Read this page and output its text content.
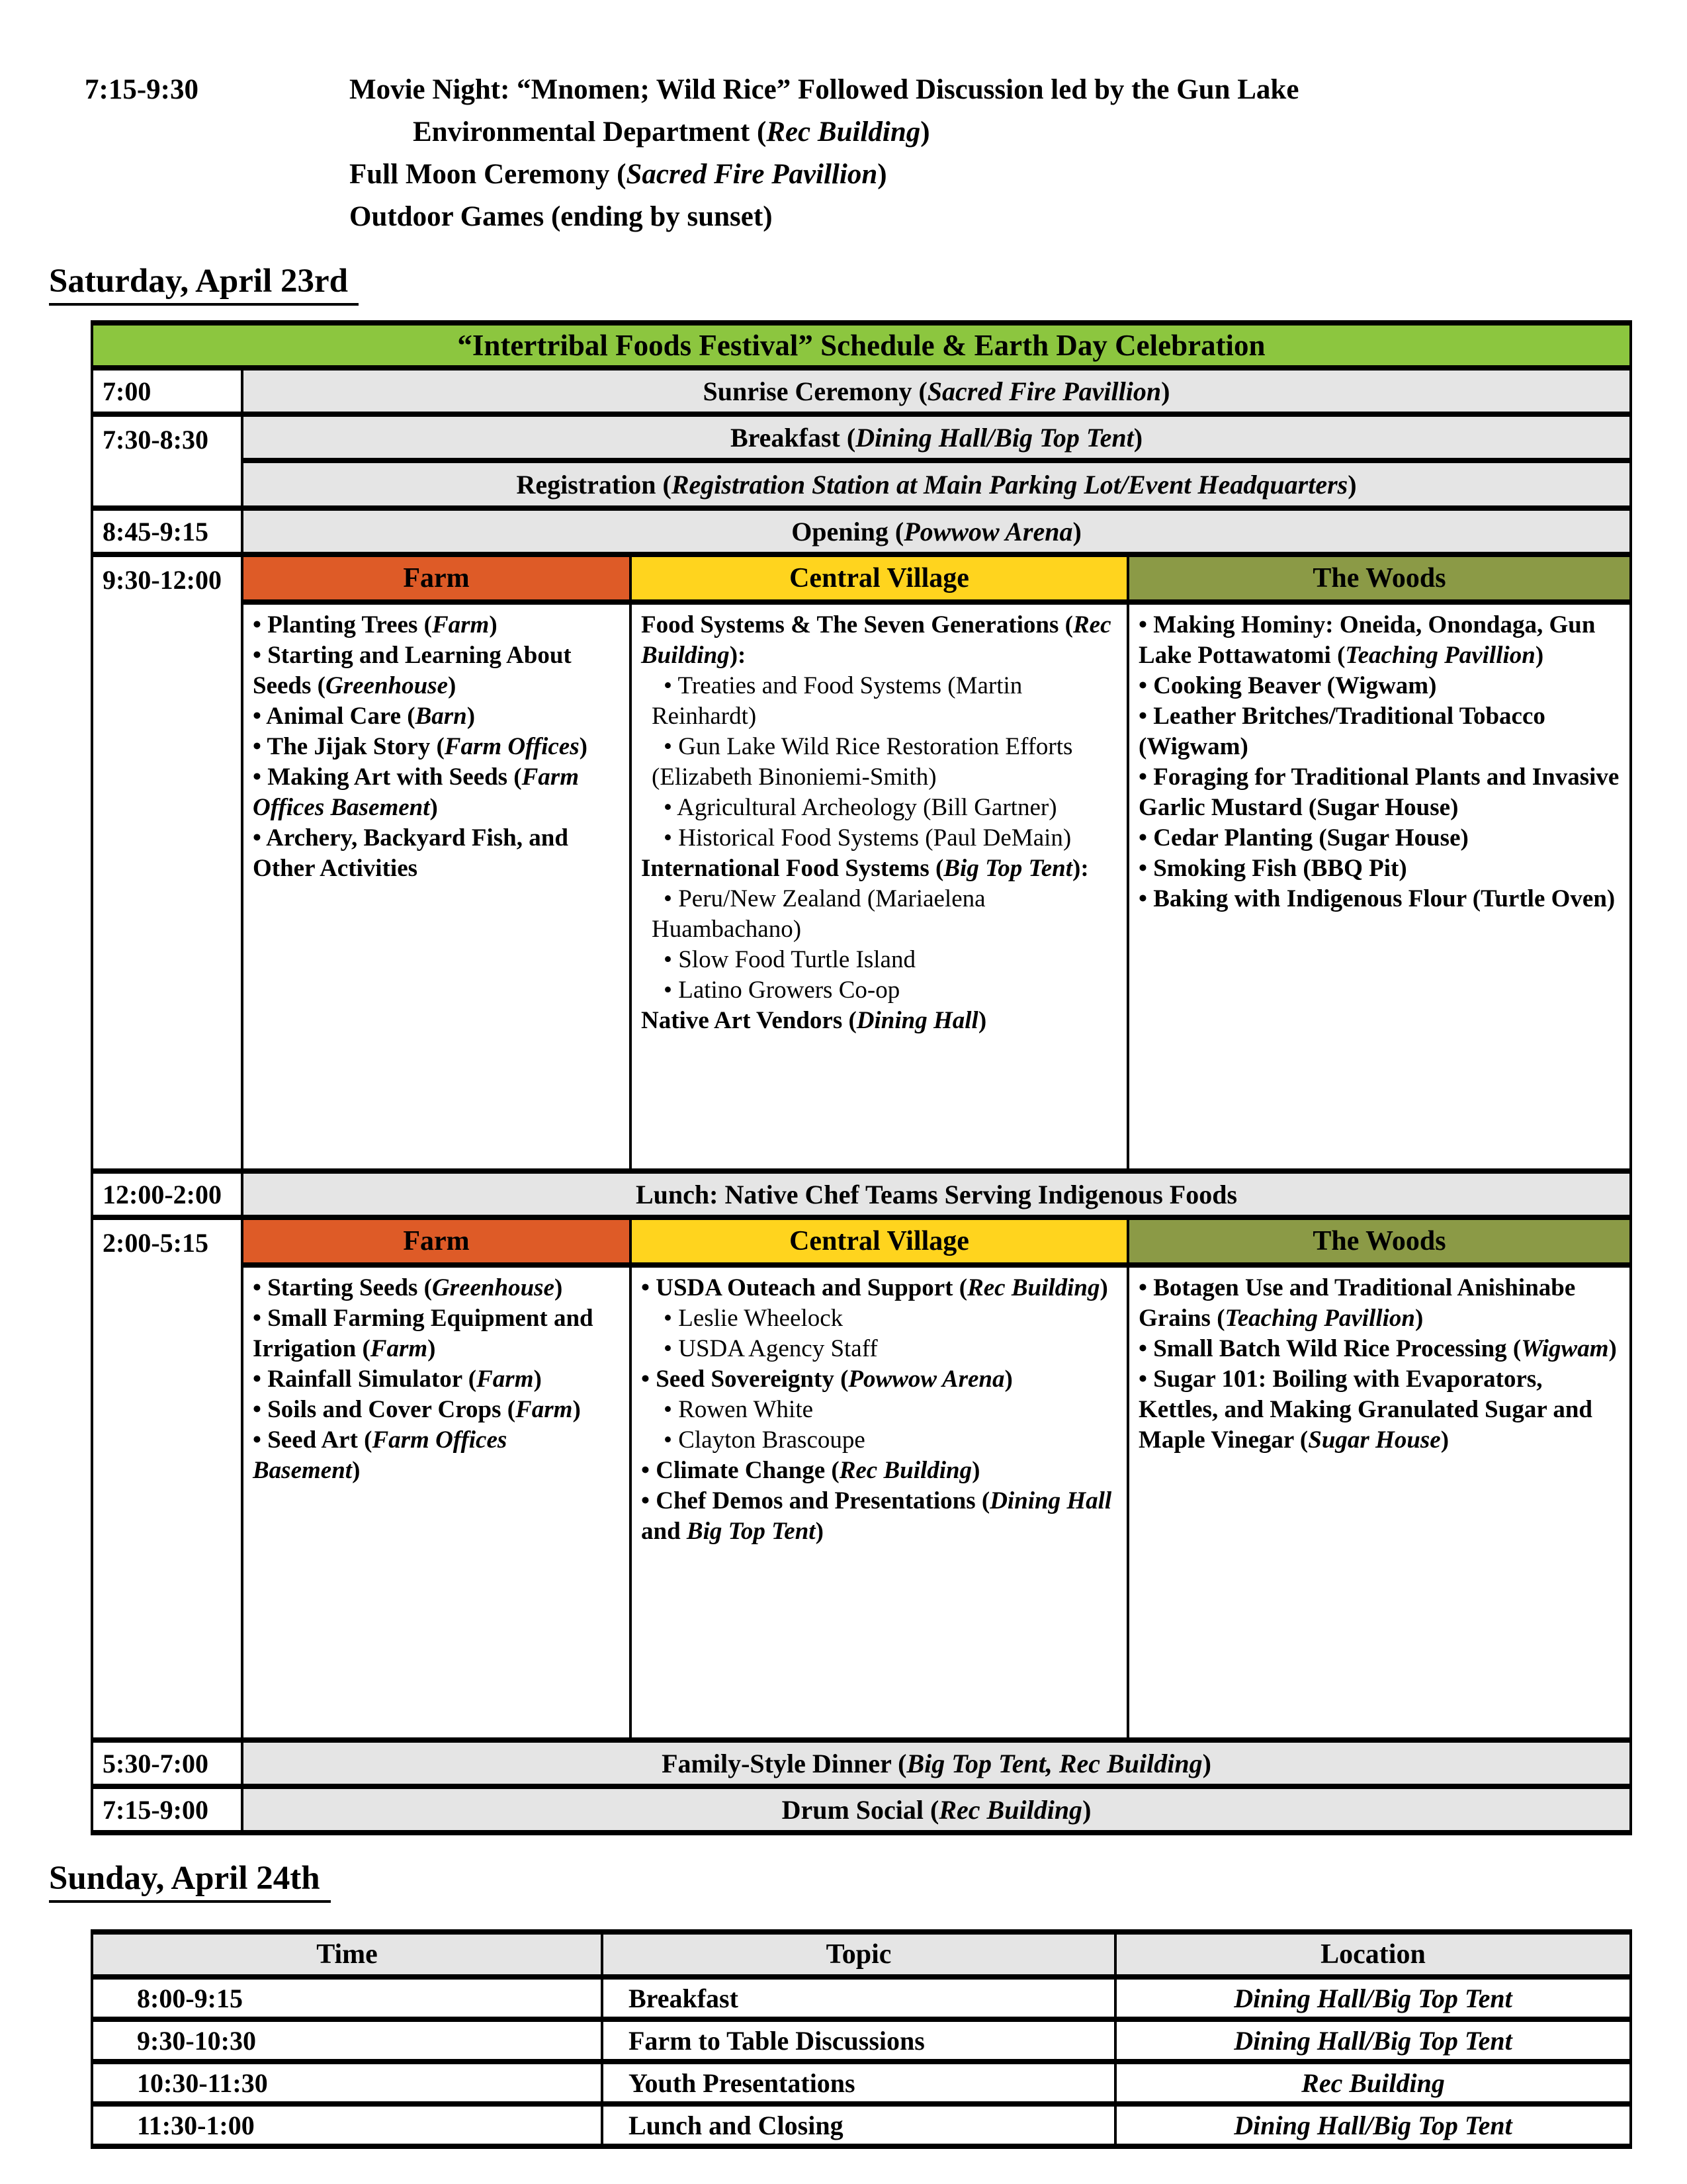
7:15-9:30	Movie Night: “Mnomen; Wild Rice” Followed Discussion led by the Gun Lake
Environmental Department (Rec Building)
Full Moon Ceremony (Sacred Fire Pavillion)
Outdoor Games (ending by sunset)
Saturday, April 23rd
“Intertribal Foods Festival” Schedule & Earth Day Celebration			
7:00	Sunrise Ceremony (Sacred Fire Pavillion)		
7:30-8:30	Breakfast (Dining Hall/Big Top Tent)		
	Registration (Registration Station at Main Parking Lot/Event Headquarters)		
8:45-9:15	Opening (Powwow Arena)		
9:30-12:00	Farm	Central Village	The Woods

• Planting Trees (Farm)
• Starting and Learning About Seeds (Greenhouse)
• Animal Care (Barn)
• The Jijak Story (Farm Offices)
• Making Art with Seeds (Farm Offices Basement)
• Archery, Backyard Fish, and Other Activities

Food Systems & The Seven Generations (Rec Building):
• Treaties and Food Systems (Martin Reinhardt)
• Gun Lake Wild Rice Restoration Efforts (Elizabeth Binoniemi-Smith)
• Agricultural Archeology (Bill Gartner)
• Historical Food Systems (Paul DeMain)
International Food Systems (Big Top Tent):
• Peru/New Zealand (Mariaelena Huambachano)
• Slow Food Turtle Island
• Latino Growers Co-op
Native Art Vendors (Dining Hall)

• Making Hominy: Oneida, Onondaga, Gun Lake Pottawatomi (Teaching Pavillion)
• Cooking Beaver (Wigwam)
• Leather Britches/Traditional Tobacco (Wigwam)
• Foraging for Traditional Plants and Invasive Garlic Mustard (Sugar House)
• Cedar Planting (Sugar House)
• Smoking Fish (BBQ Pit)
• Baking with Indigenous Flour (Turtle Oven)

12:00-2:00	Lunch: Native Chef Teams Serving Indigenous Foods		
2:00-5:15	Farm	Central Village	The Woods

• Starting Seeds (Greenhouse)
• Small Farming Equipment and Irrigation (Farm)
• Rainfall Simulator (Farm)
• Soils and Cover Crops (Farm)
• Seed Art (Farm Offices Basement)

• USDA Outeach and Support (Rec Building)
• Leslie Wheelock
• USDA Agency Staff
• Seed Sovereignty (Powwow Arena)
• Rowen White
• Clayton Brascoupe
• Climate Change (Rec Building)
• Chef Demos and Presentations (Dining Hall and Big Top Tent)

• Botagen Use and Traditional Anishinabe Grains (Teaching Pavillion)
• Small Batch Wild Rice Processing (Wigwam)
• Sugar 101: Boiling with Evaporators, Kettles, and Making Granulated Sugar and Maple Vinegar (Sugar House)

5:30-7:00	Family-Style Dinner (Big Top Tent, Rec Building)		
7:15-9:00	Drum Social (Rec Building)		
Sunday, April 24th
Time	Topic	Location
8:00-9:15	Breakfast	Dining Hall/Big Top Tent
9:30-10:30	Farm to Table Discussions	Dining Hall/Big Top Tent
10:30-11:30	Youth Presentations	Rec Building
11:30-1:00	Lunch and Closing	Dining Hall/Big Top Tent
